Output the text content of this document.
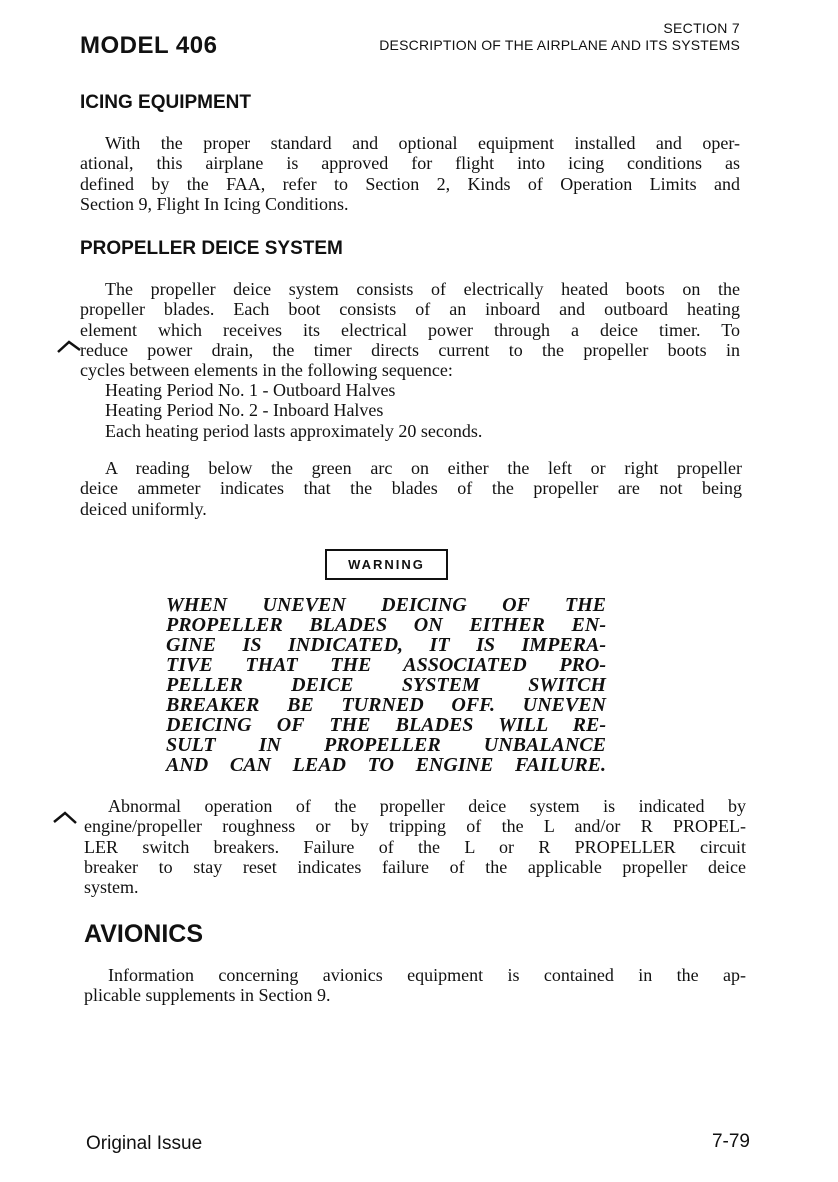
MODEL 406
SECTION 7
DESCRIPTION OF THE AIRPLANE AND ITS SYSTEMS
ICING EQUIPMENT
With the proper standard and optional equipment installed and oper-
ational, this airplane is approved for flight into icing conditions as
defined by the FAA, refer to Section 2, Kinds of Operation Limits and
Section 9, Flight In Icing Conditions.
PROPELLER DEICE SYSTEM
The propeller deice system consists of electrically heated boots on the
propeller blades. Each boot consists of an inboard and outboard heating
element which receives its electrical power through a deice timer. To
reduce power drain, the timer directs current to the propeller boots in
cycles between elements in the following sequence:
Heating Period No. 1 - Outboard Halves
Heating Period No. 2 - Inboard Halves
Each heating period lasts approximately 20 seconds.
A reading below the green arc on either the left or right propeller
deice ammeter indicates that the blades of the propeller are not being
deiced uniformly.
WARNING
WHEN UNEVEN DEICING OF THE
PROPELLER BLADES ON EITHER EN-
GINE IS INDICATED, IT IS IMPERA-
TIVE THAT THE ASSOCIATED PRO-
PELLER DEICE SYSTEM SWITCH
BREAKER BE TURNED OFF. UNEVEN
DEICING OF THE BLADES WILL RE-
SULT IN PROPELLER UNBALANCE
AND CAN LEAD TO ENGINE FAILURE.
Abnormal operation of the propeller deice system is indicated by
engine/propeller roughness or by tripping of the L and/or R PROPEL-
LER switch breakers. Failure of the L or R PROPELLER circuit
breaker to stay reset indicates failure of the applicable propeller deice
system.
AVIONICS
Information concerning avionics equipment is contained in the ap-
plicable supplements in Section 9.
Original Issue	7-79
